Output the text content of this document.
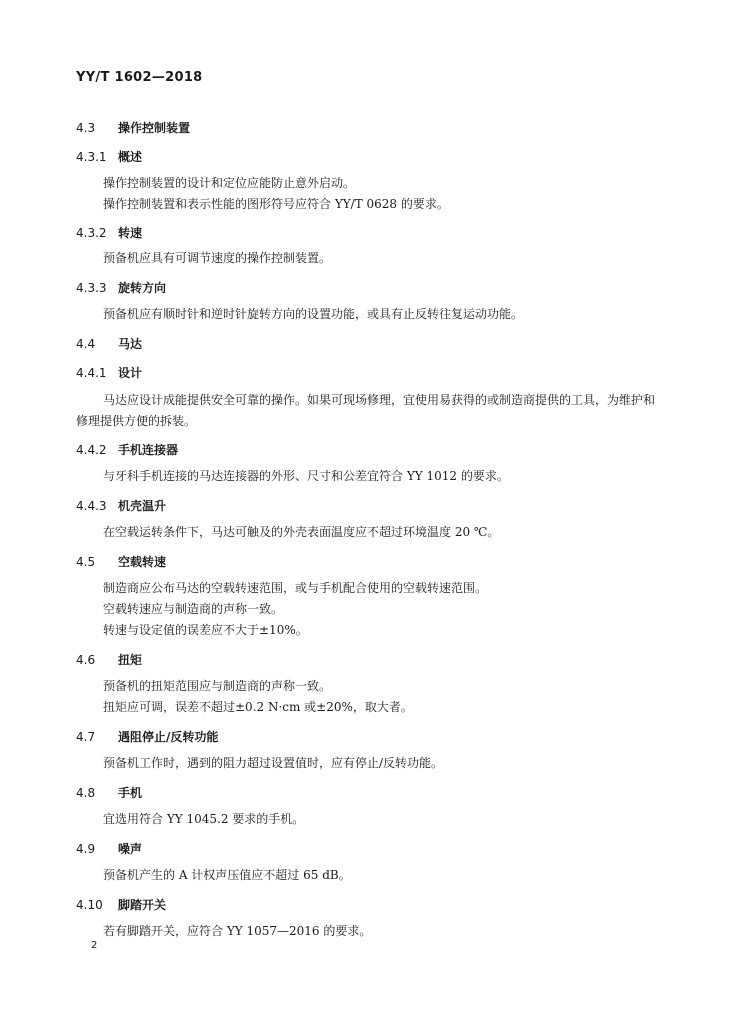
YY/T 1602—2018
4.3 操作控制装置
4.3.1 概述
操作控制装置的设计和定位应能防止意外启动。
操作控制装置和表示性能的图形符号应符合 YY/T 0628 的要求。
4.3.2 转速
预备机应具有可调节速度的操作控制装置。
4.3.3 旋转方向
预备机应有顺时针和逆时针旋转方向的设置功能，或具有止反转往复运动功能。
4.4 马达
4.4.1 设计
马达应设计成能提供安全可靠的操作。如果可现场修理，宜使用易获得的或制造商提供的工具，为维护和修理提供方便的拆装。
4.4.2 手机连接器
与牙科手机连接的马达连接器的外形、尺寸和公差宜符合 YY 1012 的要求。
4.4.3 机壳温升
在空载运转条件下，马达可触及的外壳表面温度应不超过环境温度 20 ℃。
4.5 空载转速
制造商应公布马达的空载转速范围，或与手机配合使用的空载转速范围。
空载转速应与制造商的声称一致。
转速与设定值的误差应不大于±10%。
4.6 扭矩
预备机的扭矩范围应与制造商的声称一致。
扭矩应可调，误差不超过±0.2 N·cm 或±20%，取大者。
4.7 遇阻停止/反转功能
预备机工作时，遇到的阻力超过设置值时，应有停止/反转功能。
4.8 手机
宜选用符合 YY 1045.2 要求的手机。
4.9 噪声
预备机产生的 A 计权声压值应不超过 65 dB。
4.10 脚踏开关
若有脚踏开关，应符合 YY 1057—2016 的要求。
2
